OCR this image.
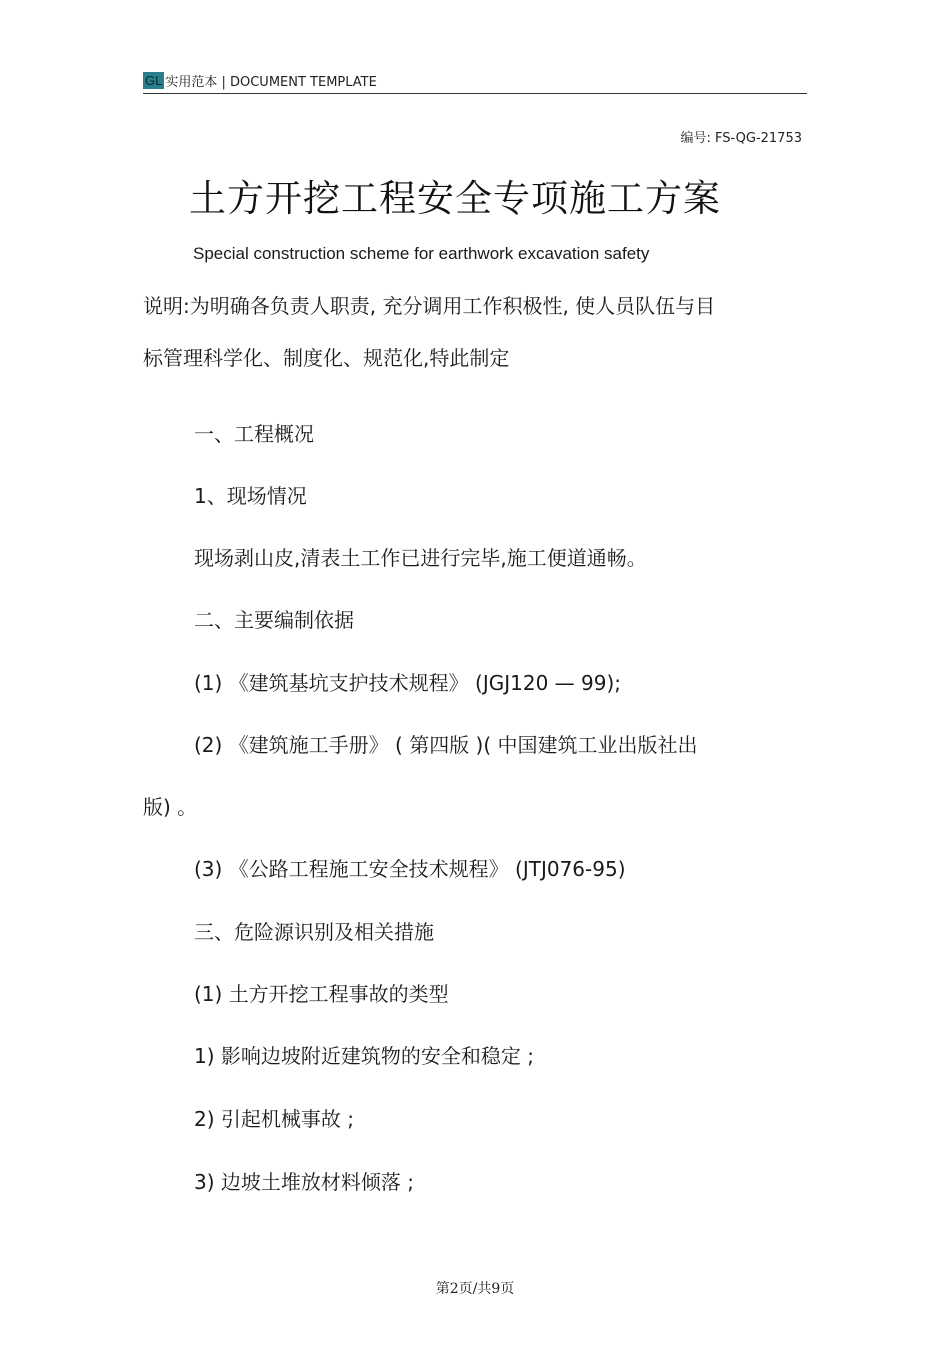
GL 实用范本 | DOCUMENT TEMPLATE
编号: FS-QG-21753
土方开挖工程安全专项施工方案
Special construction scheme for earthwork excavation safety
说明:为明确各负责人职责, 充分调用工作积极性, 使人员队伍与目
标管理科学化、制度化、规范化,特此制定
一、工程概况
1、现场情况
现场剥山皮,清表土工作已进行完毕,施工便道通畅。
二、主要编制依据
(1) 《建筑基坑支护技术规程》 (JGJ120 — 99);
(2) 《建筑施工手册》 ( 第四版 )( 中国建筑工业出版社出
版) 。
(3) 《公路工程施工安全技术规程》 (JTJ076-95)
三、危险源识别及相关措施
(1) 土方开挖工程事故的类型
1) 影响边坡附近建筑物的安全和稳定 ;
2) 引起机械事故 ;
3) 边坡土堆放材料倾落 ;
第2页/共9页
